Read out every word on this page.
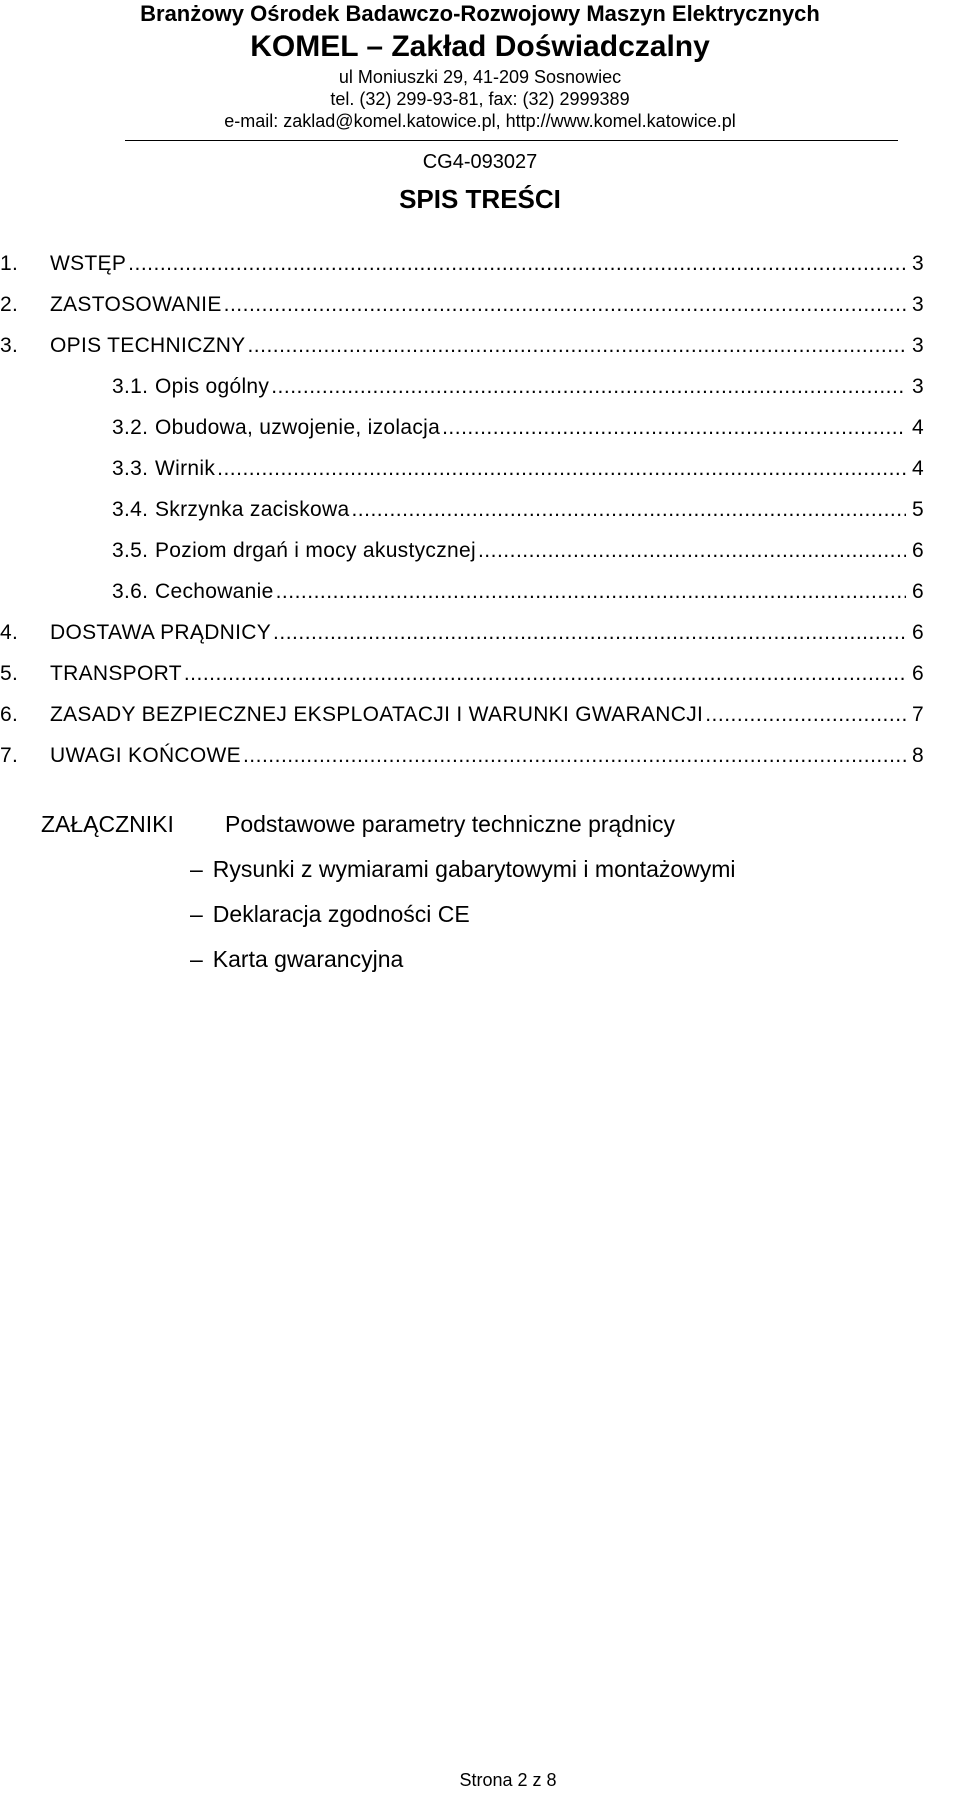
Branżowy Ośrodek Badawczo-Rozwojowy Maszyn Elektrycznych
KOMEL – Zakład Doświadczalny
ul Moniuszki 29, 41-209 Sosnowiec
tel. (32) 299-93-81, fax: (32) 2999389
e-mail: zaklad@komel.katowice.pl, http://www.komel.katowice.pl
CG4-093027
SPIS TREŚCI
1.	WSTĘP .....	3
2.	ZASTOSOWANIE .....	3
3.	OPIS TECHNICZNY .....	3
3.1. Opis ogólny .....	3
3.2. Obudowa, uzwojenie, izolacja .....	4
3.3. Wirnik .....	4
3.4. Skrzynka zaciskowa .....	5
3.5. Poziom drgań i mocy akustycznej .....	6
3.6. Cechowanie .....	6
4.	DOSTAWA PRĄDNICY .....	6
5.	TRANSPORT .....	6
6.	ZASADY BEZPIECZNEJ EKSPLOATACJI I WARUNKI GWARANCJI .....	7
7.	UWAGI KOŃCOWE .....	8
ZAŁĄCZNIKI Podstawowe parametry techniczne prądnicy
– Rysunki z wymiarami gabarytowymi i montażowymi
– Deklaracja zgodności CE
– Karta gwarancyjna
Strona 2 z 8
